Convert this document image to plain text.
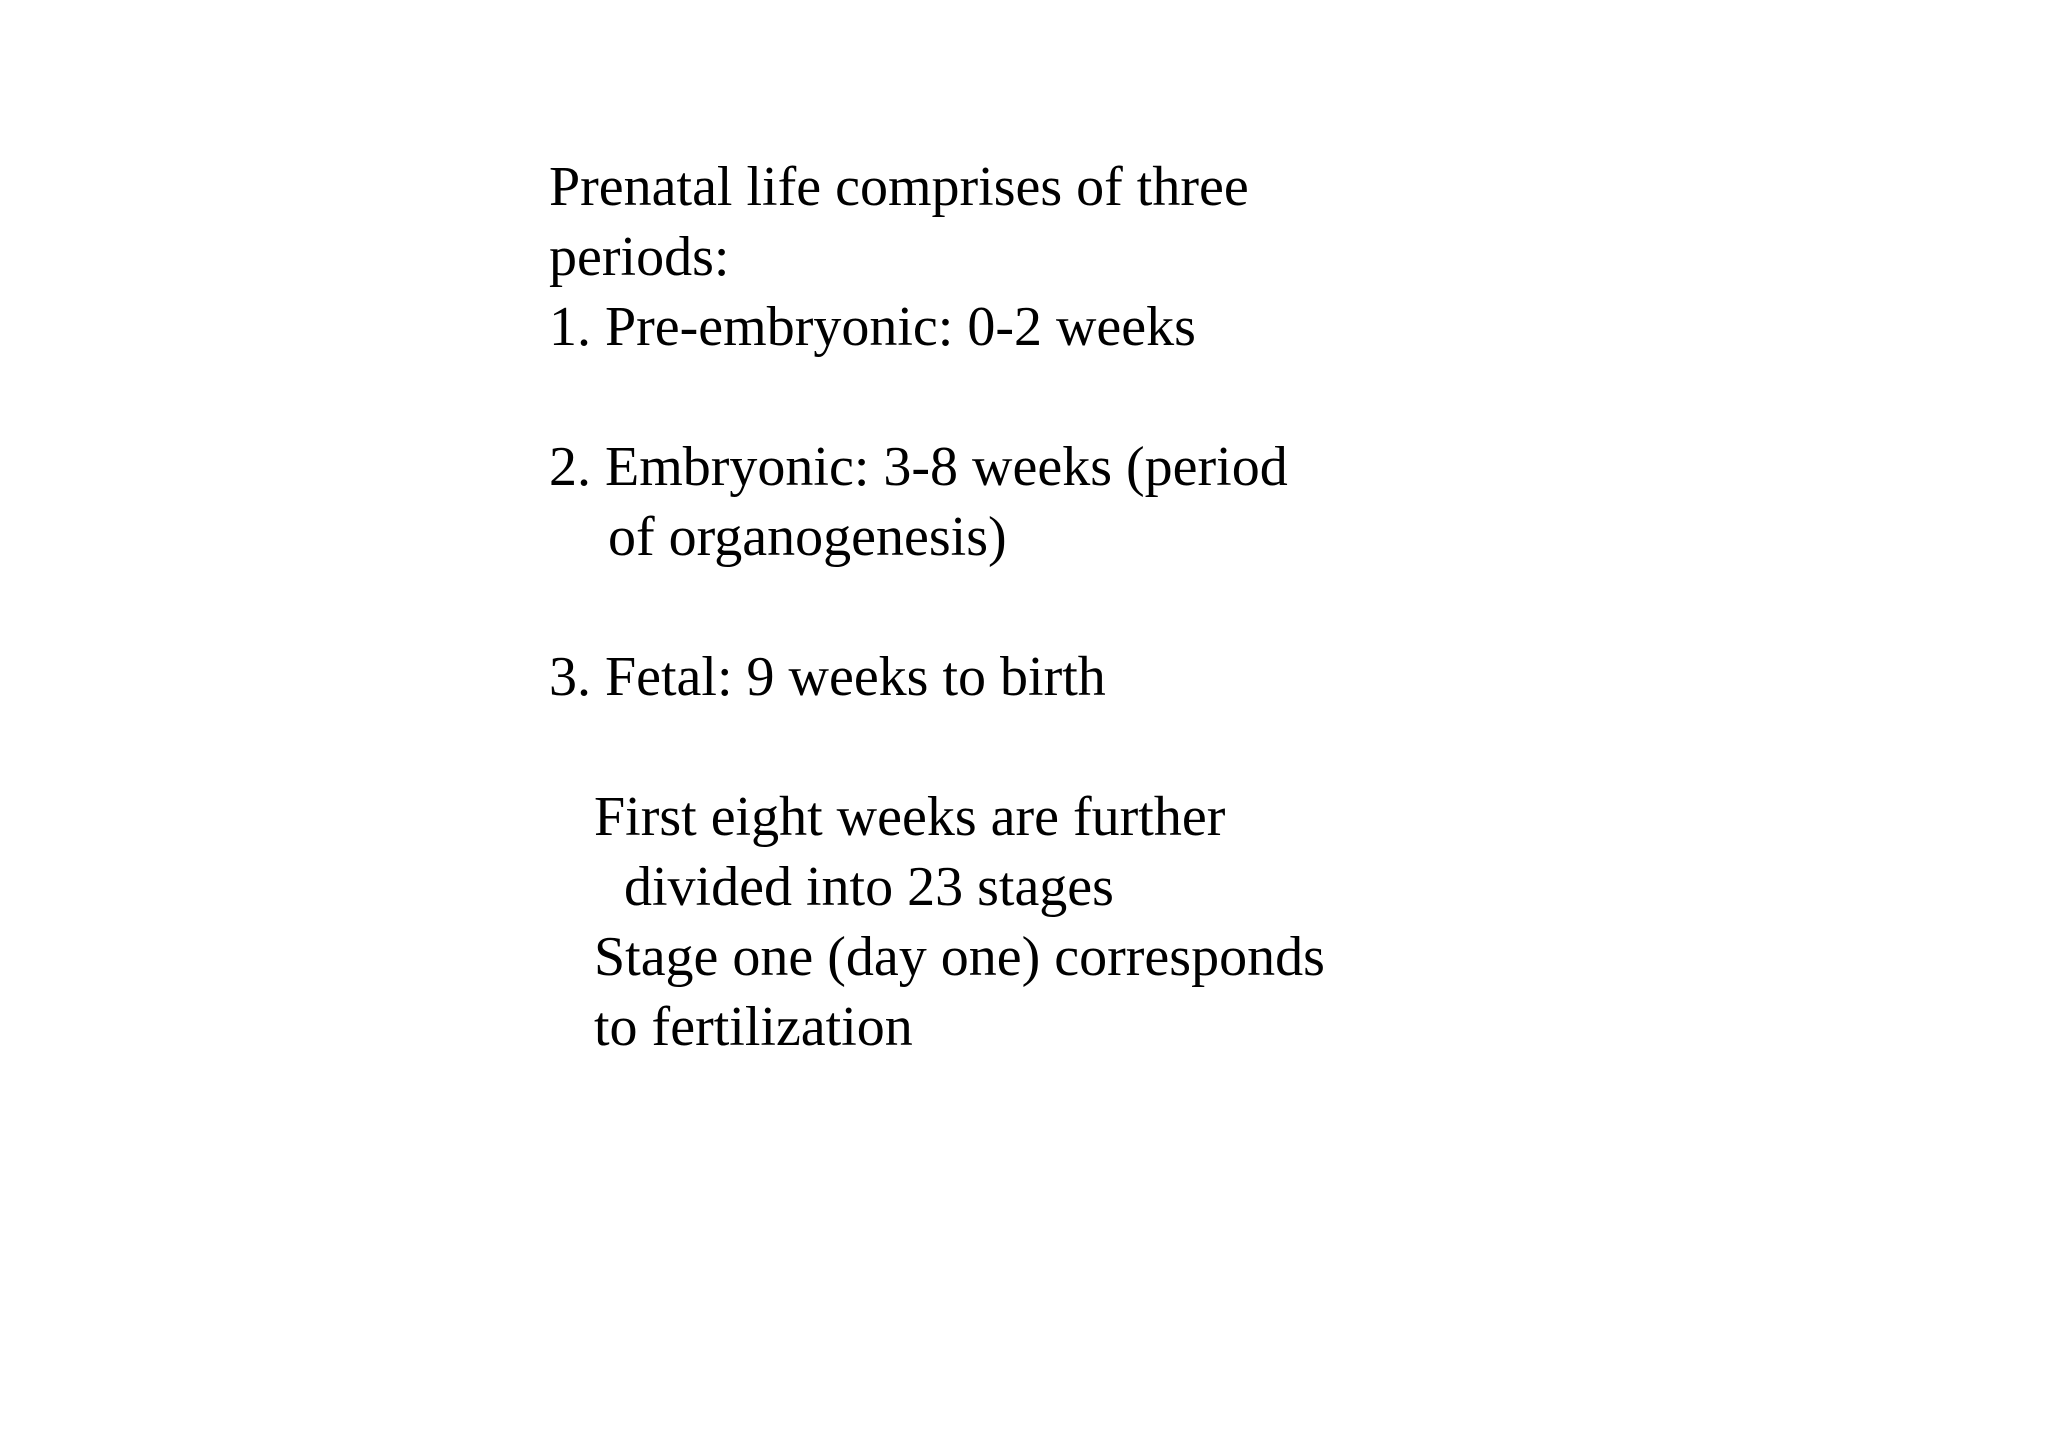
Prenatal life comprises of three
periods:
1. Pre-embryonic: 0-2 weeks
2. Embryonic: 3-8 weeks (period
of organogenesis)
3. Fetal: 9 weeks to birth
First eight weeks are further
divided into 23 stages
Stage one (day one) corresponds
to fertilization
